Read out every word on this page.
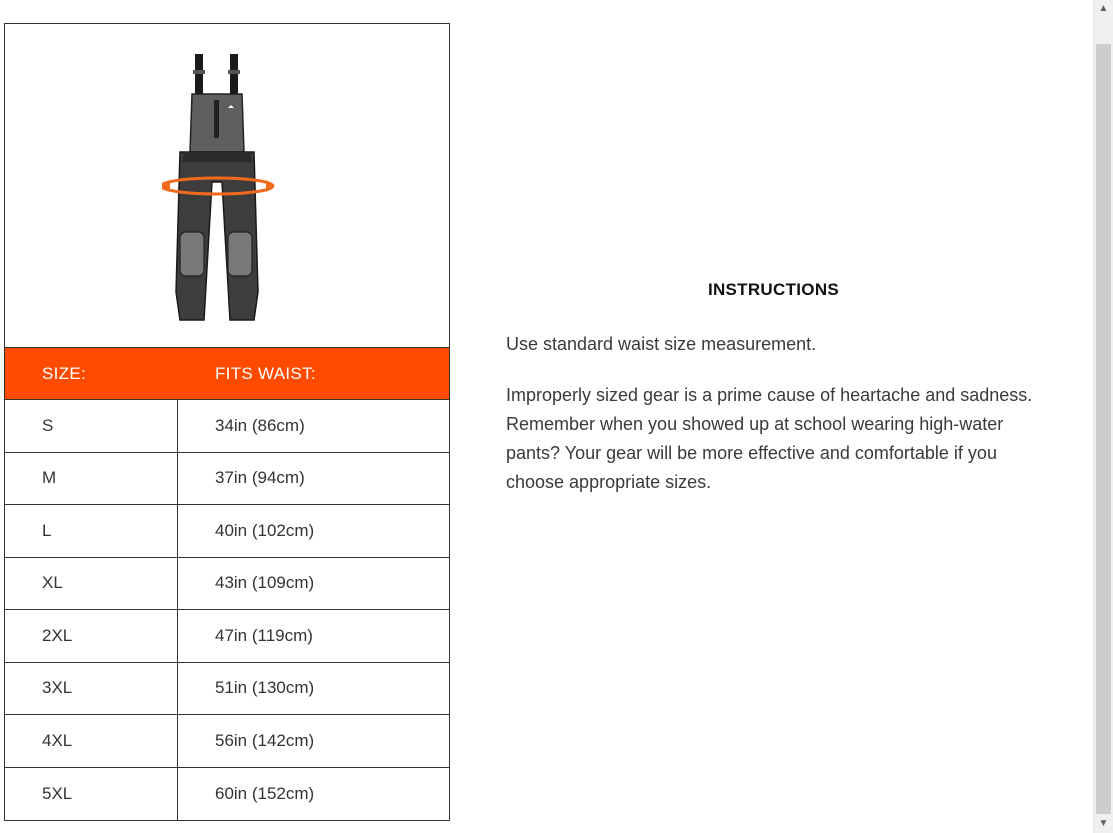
SIZE:	FITS WAIST:
S	34in (86cm)
M	37in (94cm)
L	40in (102cm)
XL	43in (109cm)
2XL	47in (119cm)
3XL	51in (130cm)
4XL	56in (142cm)
5XL	60in (152cm)
INSTRUCTIONS

Use standard waist size measurement.

Improperly sized gear is a prime cause of heartache and sadness. Remember when you showed up at school wearing high-water pants? Your gear will be more effective and comfortable if you choose appropriate sizes.

▲
▼
